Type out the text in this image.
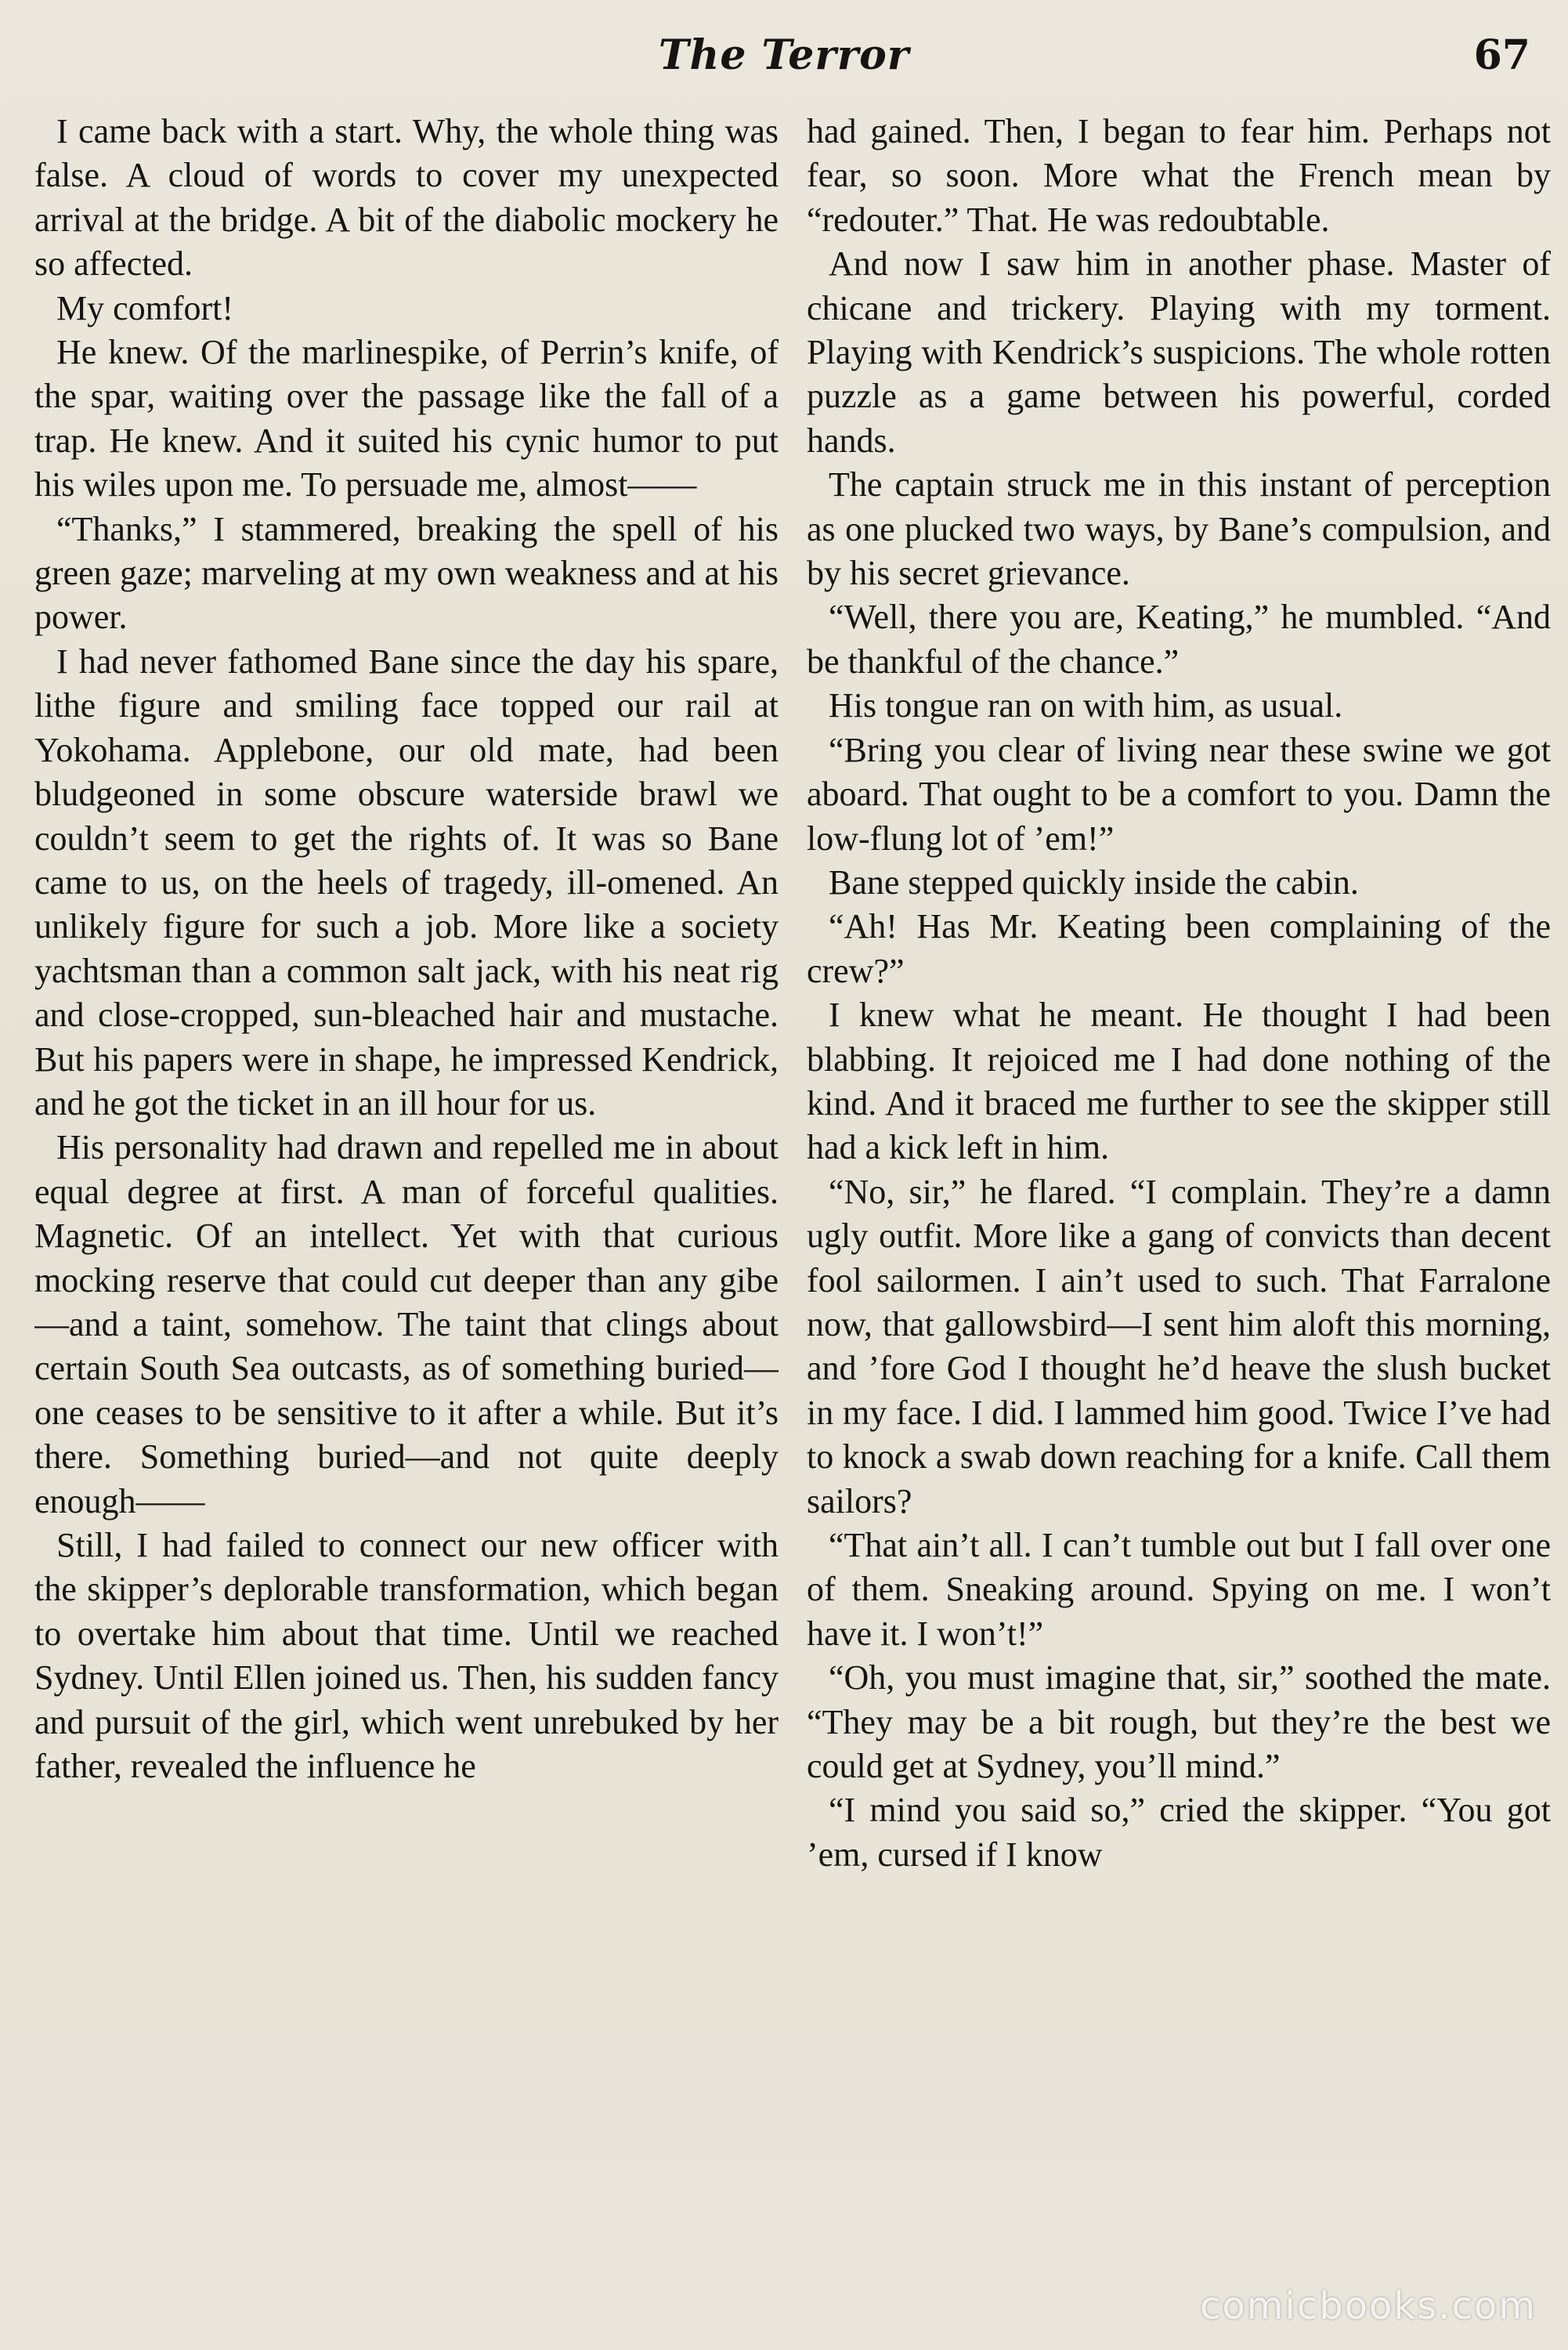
The Terror	67

I came back with a start. Why, the whole thing was false. A cloud of words to cover my unexpected arrival at the bridge. A bit of the diabolic mockery he so affected.

My comfort!

He knew. Of the marlinespike, of Perrin’s knife, of the spar, waiting over the passage like the fall of a trap. He knew. And it suited his cynic humor to put his wiles upon me. To persuade me, almost——

“Thanks,” I stammered, breaking the spell of his green gaze; marveling at my own weakness and at his power.

I had never fathomed Bane since the day his spare, lithe figure and smiling face topped our rail at Yokohama. Applebone, our old mate, had been bludgeoned in some obscure waterside brawl we couldn’t seem to get the rights of. It was so Bane came to us, on the heels of tragedy, ill-omened. An unlikely figure for such a job. More like a society yachtsman than a common salt jack, with his neat rig and close-cropped, sun-bleached hair and mustache. But his papers were in shape, he impressed Kendrick, and he got the ticket in an ill hour for us.

His personality had drawn and repelled me in about equal degree at first. A man of forceful qualities. Magnetic. Of an intellect. Yet with that curious mocking reserve that could cut deeper than any gibe—and a taint, somehow. The taint that clings about certain South Sea outcasts, as of something buried—one ceases to be sensitive to it after a while. But it’s there. Something buried—and not quite deeply enough——

Still, I had failed to connect our new officer with the skipper’s deplorable transformation, which began to overtake him about that time. Until we reached Sydney. Until Ellen joined us. Then, his sudden fancy and pursuit of the girl, which went unrebuked by her father, revealed the influence he

had gained. Then, I began to fear him. Perhaps not fear, so soon. More what the French mean by “redouter.” That. He was redoubtable.

And now I saw him in another phase. Master of chicane and trickery. Playing with my torment. Playing with Kendrick’s suspicions. The whole rotten puzzle as a game between his powerful, corded hands.

The captain struck me in this instant of perception as one plucked two ways, by Bane’s compulsion, and by his secret grievance.

“Well, there you are, Keating,” he mumbled. “And be thankful of the chance.”

His tongue ran on with him, as usual.

“Bring you clear of living near these swine we got aboard. That ought to be a comfort to you. Damn the low-flung lot of ’em!”

Bane stepped quickly inside the cabin.

“Ah! Has Mr. Keating been complaining of the crew?”

I knew what he meant. He thought I had been blabbing. It rejoiced me I had done nothing of the kind. And it braced me further to see the skipper still had a kick left in him.

“No, sir,” he flared. “I complain. They’re a damn ugly outfit. More like a gang of convicts than decent fool sailormen. I ain’t used to such. That Farralone now, that gallowsbird—I sent him aloft this morning, and ’fore God I thought he’d heave the slush bucket in my face. I did. I lammed him good. Twice I’ve had to knock a swab down reaching for a knife. Call them sailors?

“That ain’t all. I can’t tumble out but I fall over one of them. Sneaking around. Spying on me. I won’t have it. I won’t!”

“Oh, you must imagine that, sir,” soothed the mate. “They may be a bit rough, but they’re the best we could get at Sydney, you’ll mind.”

“I mind you said so,” cried the skipper. “You got ’em, cursed if I know

comicbooks.com
